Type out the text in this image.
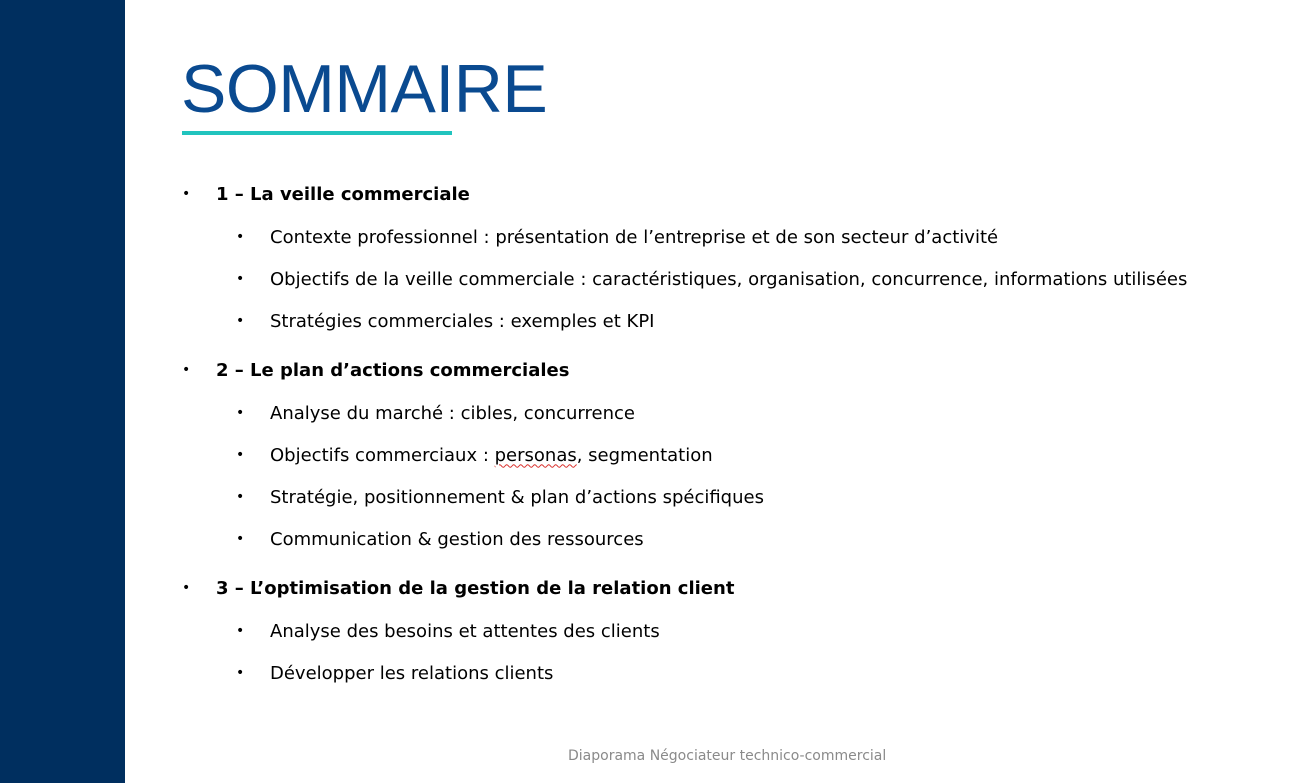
SOMMAIRE
•	1 – La veille commerciale
•	Contexte professionnel : présentation de l’entreprise et de son secteur d’activité
•	Objectifs de la veille commerciale : caractéristiques, organisation, concurrence, informations utilisées
•	Stratégies commerciales : exemples et KPI
•	2 – Le plan d’actions commerciales
•	Analyse du marché : cibles, concurrence
•	Objectifs commerciaux : personas, segmentation
•	Stratégie, positionnement & plan d’actions spécifiques
•	Communication & gestion des ressources
•	3 – L’optimisation de la gestion de la relation client
•	Analyse des besoins et attentes des clients
•	Développer les relations clients
Diaporama Négociateur technico-commercial
